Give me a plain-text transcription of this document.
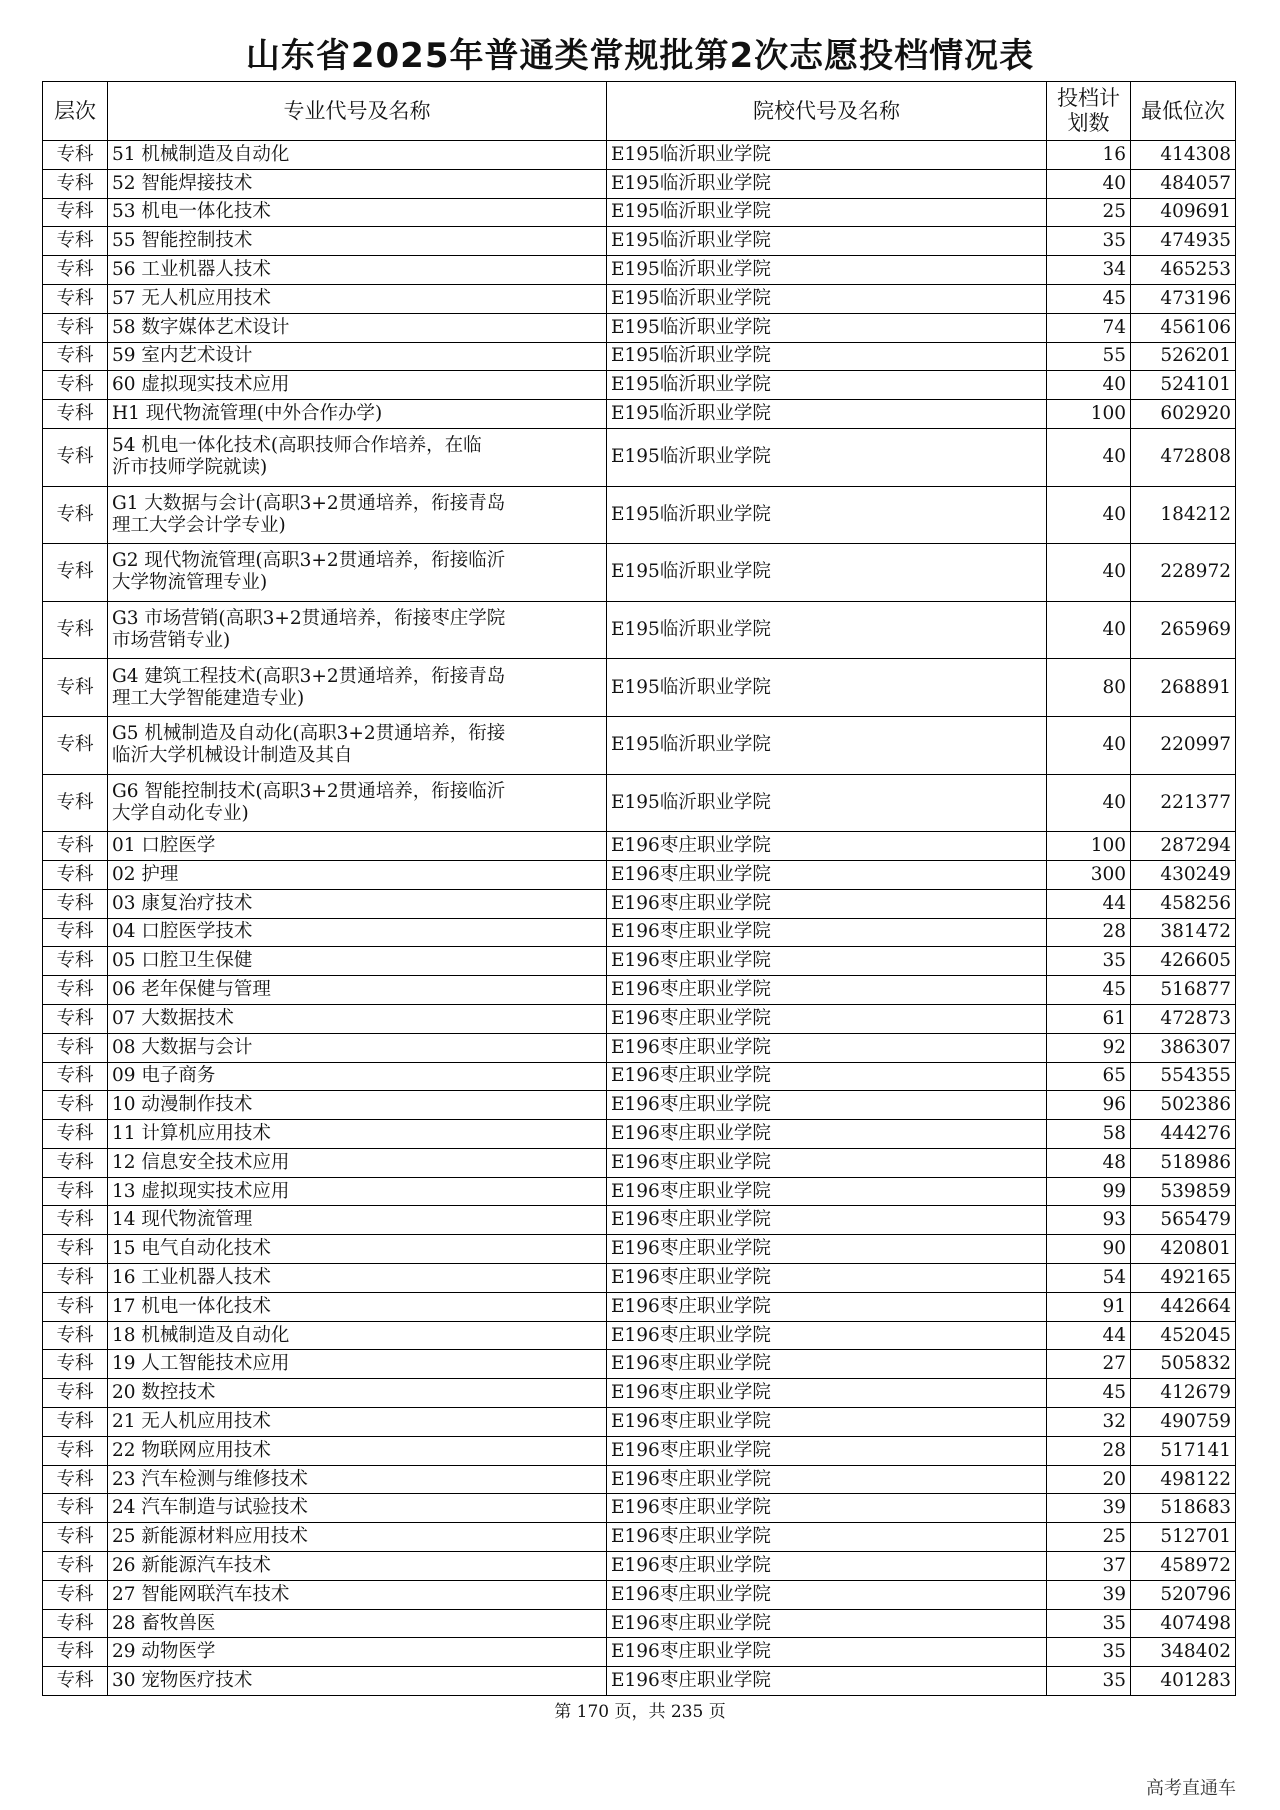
山东省2025年普通类常规批第2次志愿投档情况表
层次	专业代号及名称	院校代号及名称	投档计划数	最低位次
专科	51 机械制造及自动化	E195临沂职业学院	16	414308
专科	52 智能焊接技术	E195临沂职业学院	40	484057
专科	53 机电一体化技术	E195临沂职业学院	25	409691
专科	55 智能控制技术	E195临沂职业学院	35	474935
专科	56 工业机器人技术	E195临沂职业学院	34	465253
专科	57 无人机应用技术	E195临沂职业学院	45	473196
专科	58 数字媒体艺术设计	E195临沂职业学院	74	456106
专科	59 室内艺术设计	E195临沂职业学院	55	526201
专科	60 虚拟现实技术应用	E195临沂职业学院	40	524101
专科	H1 现代物流管理(中外合作办学)	E195临沂职业学院	100	602920
专科	54 机电一体化技术(高职技师合作培养，在临
沂市技师学院就读)	E195临沂职业学院	40	472808
专科	G1 大数据与会计(高职3+2贯通培养，衔接青岛
理工大学会计学专业)	E195临沂职业学院	40	184212
专科	G2 现代物流管理(高职3+2贯通培养，衔接临沂
大学物流管理专业)	E195临沂职业学院	40	228972
专科	G3 市场营销(高职3+2贯通培养，衔接枣庄学院
市场营销专业)	E195临沂职业学院	40	265969
专科	G4 建筑工程技术(高职3+2贯通培养，衔接青岛
理工大学智能建造专业)	E195临沂职业学院	80	268891
专科	G5 机械制造及自动化(高职3+2贯通培养，衔接
临沂大学机械设计制造及其自	E195临沂职业学院	40	220997
专科	G6 智能控制技术(高职3+2贯通培养，衔接临沂
大学自动化专业)	E195临沂职业学院	40	221377
专科	01 口腔医学	E196枣庄职业学院	100	287294
专科	02 护理	E196枣庄职业学院	300	430249
专科	03 康复治疗技术	E196枣庄职业学院	44	458256
专科	04 口腔医学技术	E196枣庄职业学院	28	381472
专科	05 口腔卫生保健	E196枣庄职业学院	35	426605
专科	06 老年保健与管理	E196枣庄职业学院	45	516877
专科	07 大数据技术	E196枣庄职业学院	61	472873
专科	08 大数据与会计	E196枣庄职业学院	92	386307
专科	09 电子商务	E196枣庄职业学院	65	554355
专科	10 动漫制作技术	E196枣庄职业学院	96	502386
专科	11 计算机应用技术	E196枣庄职业学院	58	444276
专科	12 信息安全技术应用	E196枣庄职业学院	48	518986
专科	13 虚拟现实技术应用	E196枣庄职业学院	99	539859
专科	14 现代物流管理	E196枣庄职业学院	93	565479
专科	15 电气自动化技术	E196枣庄职业学院	90	420801
专科	16 工业机器人技术	E196枣庄职业学院	54	492165
专科	17 机电一体化技术	E196枣庄职业学院	91	442664
专科	18 机械制造及自动化	E196枣庄职业学院	44	452045
专科	19 人工智能技术应用	E196枣庄职业学院	27	505832
专科	20 数控技术	E196枣庄职业学院	45	412679
专科	21 无人机应用技术	E196枣庄职业学院	32	490759
专科	22 物联网应用技术	E196枣庄职业学院	28	517141
专科	23 汽车检测与维修技术	E196枣庄职业学院	20	498122
专科	24 汽车制造与试验技术	E196枣庄职业学院	39	518683
专科	25 新能源材料应用技术	E196枣庄职业学院	25	512701
专科	26 新能源汽车技术	E196枣庄职业学院	37	458972
专科	27 智能网联汽车技术	E196枣庄职业学院	39	520796
专科	28 畜牧兽医	E196枣庄职业学院	35	407498
专科	29 动物医学	E196枣庄职业学院	35	348402
专科	30 宠物医疗技术	E196枣庄职业学院	35	401283
第 170 页，共 235 页
高考直通车
